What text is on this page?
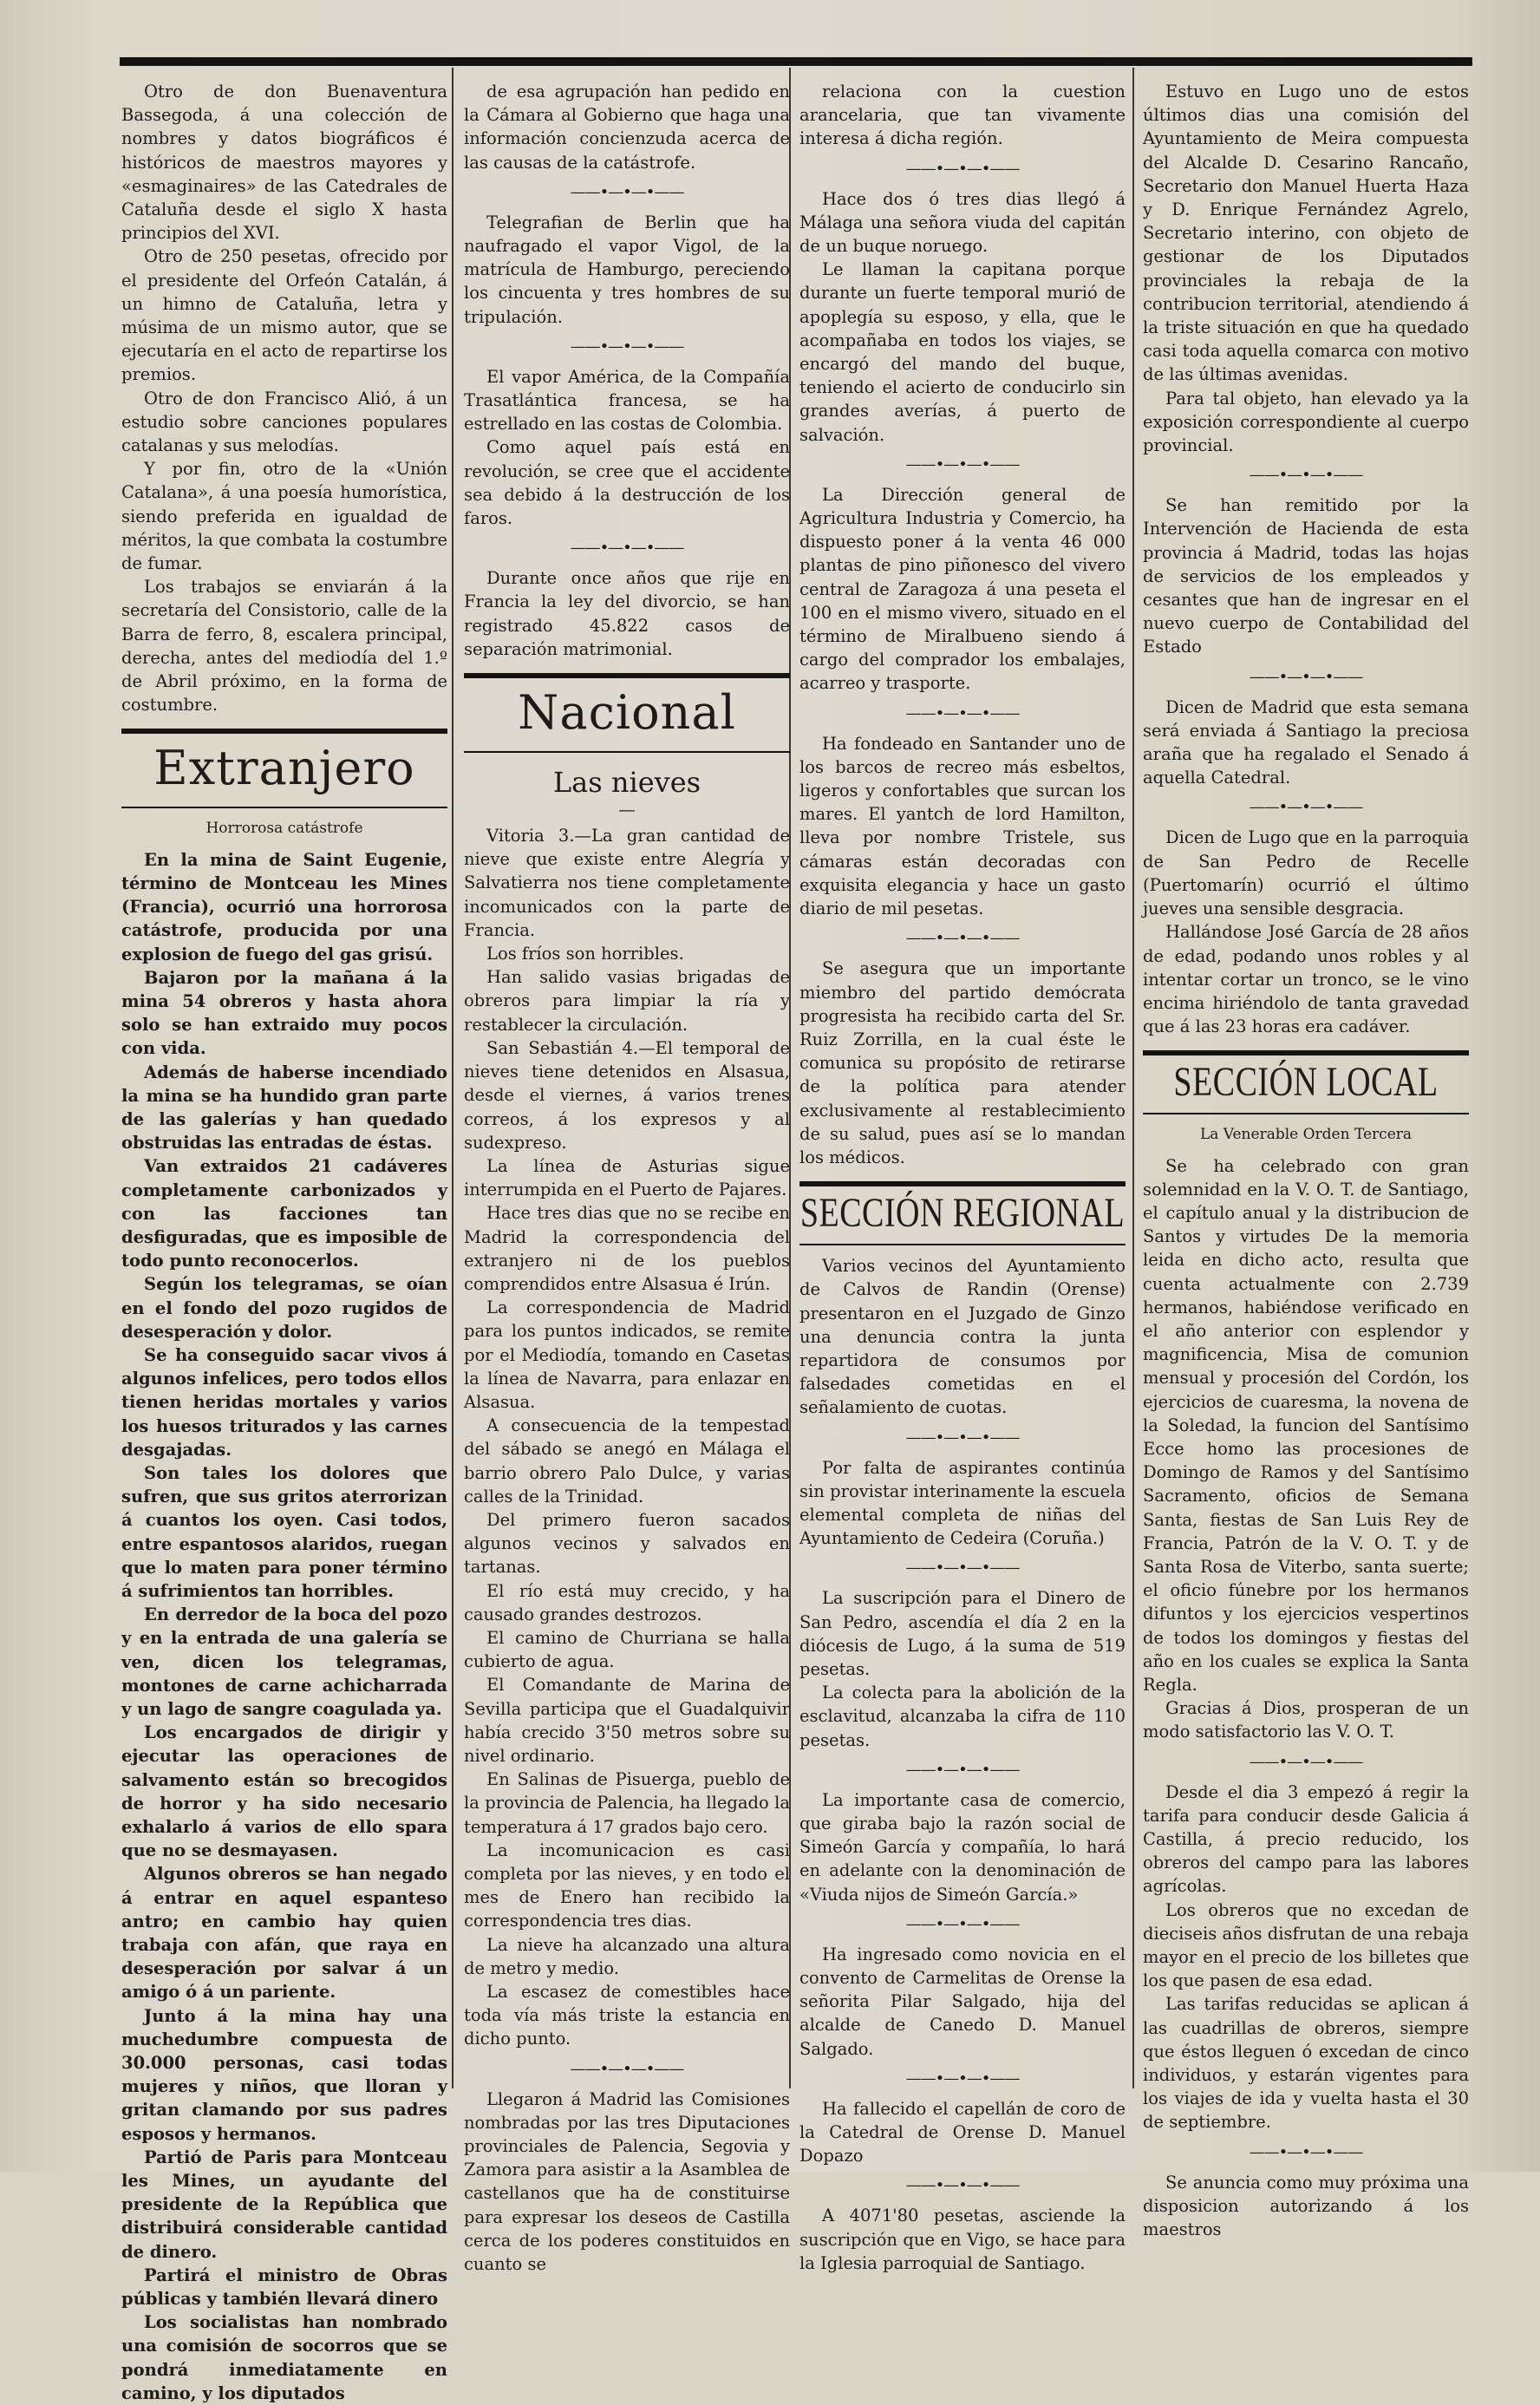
Otro de don Buenaventura Bassegoda, á una colección de nombres y datos biográficos é históricos de maestros mayores y «esmaginaires» de las Catedrales de Cataluña desde el siglo X hasta principios del XVI.

Otro de 250 pesetas, ofrecido por el presidente del Orfeón Catalán, á un himno de Cataluña, letra y músima de un mismo autor, que se ejecutaría en el acto de repartirse los premios.

Otro de don Francisco Alió, á un estudio sobre canciones populares catalanas y sus melodías.

Y por fin, otro de la «Unión Catalana», á una poesía humorística, siendo preferida en igualdad de méritos, la que combata la costumbre de fumar.

Los trabajos se enviarán á la secretaría del Consistorio, calle de la Barra de ferro, 8, escalera principal, derecha, antes del mediodía del 1.º de Abril próximo, en la forma de costumbre.

Extranjero
Horrorosa catástrofe

En la mina de Saint Eugenie, término de Montceau les Mines (Francia), ocurrió una horrorosa catástrofe, producida por una explosion de fuego del gas grisú.

Bajaron por la mañana á la mina 54 obreros y hasta ahora solo se han extraido muy pocos con vida.

Además de haberse incendiado la mina se ha hundido gran parte de las galerías y han quedado obstruidas las entradas de éstas.

Van extraidos 21 cadáveres completamente carbonizados y con las facciones tan desfiguradas, que es imposible de todo punto reconocerlos.

Según los telegramas, se oían en el fondo del pozo rugidos de desesperación y dolor.

Se ha conseguido sacar vivos á algunos infelices, pero todos ellos tienen heridas mortales y varios los huesos triturados y las carnes desgajadas.

Son tales los dolores que sufren, que sus gritos aterrorizan á cuantos los oyen. Casi todos, entre espantosos alaridos, ruegan que lo maten para poner término á sufrimientos tan horribles.

En derredor de la boca del pozo y en la entrada de una galería se ven, dicen los telegramas, montones de carne achicharrada y un lago de sangre coagulada ya.

Los encargados de dirigir y ejecutar las operaciones de salvamento están so brecogidos de horror y ha sido necesario exhalarlo á varios de ello spara que no se desmayasen.

Algunos obreros se han negado á entrar en aquel espanteso antro; en cambio hay quien trabaja con afán, que raya en desesperación por salvar á un amigo ó á un pariente.

Junto á la mina hay una muchedumbre compuesta de 30.000 personas, casi todas mujeres y niños, que lloran y gritan clamando por sus padres esposos y hermanos.

Partió de Paris para Montceau les Mines, un ayudante del presidente de la República que distribuirá considerable cantidad de dinero.

Partirá el ministro de Obras públicas y también llevará dinero

Los socialistas han nombrado una comisión de socorros que se pondrá inmediatamente en camino, y los diputados

de esa agrupación han pedido en la Cámara al Gobierno que haga una información concienzuda acerca de las causas de la catástrofe.

——•—•—•——

Telegrafian de Berlin que ha naufragado el vapor Vigol, de la matrícula de Hamburgo, pereciendo los cincuenta y tres hombres de su tripulación.

——•—•—•——

El vapor América, de la Compañía Trasatlántica francesa, se ha estrellado en las costas de Colombia.

Como aquel país está en revolución, se cree que el accidente sea debido á la destrucción de los faros.

——•—•—•——

Durante once años que rije en Francia la ley del divorcio, se han registrado 45.822 casos de separación matrimonial.

Nacional
Las nieves
—

Vitoria 3.—La gran cantidad de nieve que existe entre Alegría y Salvatierra nos tiene completamente incomunicados con la parte de Francia.

Los fríos son horribles.

Han salido vasias brigadas de obreros para limpiar la ría y restablecer la circulación.

San Sebastián 4.—El temporal de nieves tiene detenidos en Alsasua, desde el viernes, á varios trenes correos, á los expresos y al sudexpreso.

La línea de Asturias sigue interrumpida en el Puerto de Pajares.

Hace tres dias que no se recibe en Madrid la correspondencia del extranjero ni de los pueblos comprendidos entre Alsasua é Irún.

La correspondencia de Madrid para los puntos indicados, se remite por el Mediodía, tomando en Casetas la línea de Navarra, para enlazar en Alsasua.

A consecuencia de la tempestad del sábado se anegó en Málaga el barrio obrero Palo Dulce, y varias calles de la Trinidad.

Del primero fueron sacados algunos vecinos y salvados en tartanas.

El río está muy crecido, y ha causado grandes destrozos.

El camino de Churriana se halla cubierto de agua.

El Comandante de Marina de Sevilla participa que el Guadalquivir había crecido 3'50 metros sobre su nivel ordinario.

En Salinas de Pisuerga, pueblo de la provincia de Palencia, ha llegado la temperatura á 17 grados bajo cero.

La incomunicacion es casi completa por las nieves, y en todo el mes de Enero han recibido la correspondencia tres dias.

La nieve ha alcanzado una altura de metro y medio.

La escasez de comestibles hace toda vía más triste la estancia en dicho punto.

——•—•—•——

Llegaron á Madrid las Comisiones nombradas por las tres Diputaciones provinciales de Palencia, Segovia y Zamora para asistir a la Asamblea de castellanos que ha de constituirse para expresar los deseos de Castilla cerca de los poderes constituidos en cuanto se

relaciona con la cuestion arancelaria, que tan vivamente interesa á dicha región.

——•—•—•——

Hace dos ó tres dias llegó á Málaga una señora viuda del capitán de un buque noruego.

Le llaman la capitana porque durante un fuerte temporal murió de apoplegía su esposo, y ella, que le acompañaba en todos los viajes, se encargó del mando del buque, teniendo el acierto de conducirlo sin grandes averías, á puerto de salvación.

——•—•—•——

La Dirección general de Agricultura Industria y Comercio, ha dispuesto poner á la venta 46 000 plantas de pino piñonesco del vivero central de Zaragoza á una peseta el 100 en el mismo vivero, situado en el término de Miralbueno siendo á cargo del comprador los embalajes, acarreo y trasporte.

——•—•—•——

Ha fondeado en Santander uno de los barcos de recreo más esbeltos, ligeros y confortables que surcan los mares. El yantch de lord Hamilton, lleva por nombre Tristele, sus cámaras están decoradas con exquisita elegancia y hace un gasto diario de mil pesetas.

——•—•—•——

Se asegura que un importante miembro del partido demócrata progresista ha recibido carta del Sr. Ruiz Zorrilla, en la cual éste le comunica su propósito de retirarse de la política para atender exclusivamente al restablecimiento de su salud, pues así se lo mandan los médicos.

SECCIÓN REGIONAL

Varios vecinos del Ayuntamiento de Calvos de Randin (Orense) presentaron en el Juzgado de Ginzo una denuncia contra la junta repartidora de consumos por falsedades cometidas en el señalamiento de cuotas.

——•—•—•——

Por falta de aspirantes continúa sin provistar interinamente la escuela elemental completa de niñas del Ayuntamiento de Cedeira (Coruña.)

——•—•—•——

La suscripción para el Dinero de San Pedro, ascendía el día 2 en la diócesis de Lugo, á la suma de 519 pesetas.

La colecta para la abolición de la esclavitud, alcanzaba la cifra de 110 pesetas.

——•—•—•——

La importante casa de comercio, que giraba bajo la razón social de Simeón García y compañía, lo hará en adelante con la denominación de «Viuda nijos de Simeón García.»

——•—•—•——

Ha ingresado como novicia en el convento de Carmelitas de Orense la señorita Pilar Salgado, hija del alcalde de Canedo D. Manuel Salgado.

——•—•—•——

Ha fallecido el capellán de coro de la Catedral de Orense D. Manuel Dopazo

——•—•—•——

A 4071'80 pesetas, asciende la suscripción que en Vigo, se hace para la Iglesia parroquial de Santiago.

Estuvo en Lugo uno de estos últimos dias una comisión del Ayuntamiento de Meira compuesta del Alcalde D. Cesarino Rancaño, Secretario don Manuel Huerta Haza y D. Enrique Fernández Agrelo, Secretario interino, con objeto de gestionar de los Diputados provinciales la rebaja de la contribucion territorial, atendiendo á la triste situación en que ha quedado casi toda aquella comarca con motivo de las últimas avenidas.

Para tal objeto, han elevado ya la exposición correspondiente al cuerpo provincial.

——•—•—•——

Se han remitido por la Intervención de Hacienda de esta provincia á Madrid, todas las hojas de servicios de los empleados y cesantes que han de ingresar en el nuevo cuerpo de Contabilidad del Estado

——•—•—•——

Dicen de Madrid que esta semana será enviada á Santiago la preciosa araña que ha regalado el Senado á aquella Catedral.

——•—•—•——

Dicen de Lugo que en la parroquia de San Pedro de Recelle (Puertomarín) ocurrió el último jueves una sensible desgracia.

Hallándose José García de 28 años de edad, podando unos robles y al intentar cortar un tronco, se le vino encima hiriéndolo de tanta gravedad que á las 23 horas era cadáver.

SECCIÓN LOCAL
La Venerable Orden Tercera

Se ha celebrado con gran solemnidad en la V. O. T. de Santiago, el capítulo anual y la distribucion de Santos y virtudes De la memoria leida en dicho acto, resulta que cuenta actualmente con 2.739 hermanos, habiéndose verificado en el año anterior con esplendor y magnificencia, Misa de comunion mensual y procesión del Cordón, los ejercicios de cuaresma, la novena de la Soledad, la funcion del Santísimo Ecce homo las procesiones de Domingo de Ramos y del Santísimo Sacramento, oficios de Semana Santa, fiestas de San Luis Rey de Francia, Patrón de la V. O. T. y de Santa Rosa de Viterbo, santa suerte; el oficio fúnebre por los hermanos difuntos y los ejercicios vespertinos de todos los domingos y fiestas del año en los cuales se explica la Santa Regla.

Gracias á Dios, prosperan de un modo satisfactorio las V. O. T.

——•—•—•——

Desde el dia 3 empezó á regir la tarifa para conducir desde Galicia á Castilla, á precio reducido, los obreros del campo para las labores agrícolas.

Los obreros que no excedan de dieciseis años disfrutan de una rebaja mayor en el precio de los billetes que los que pasen de esa edad.

Las tarifas reducidas se aplican á las cuadrillas de obreros, siempre que éstos lleguen ó excedan de cinco individuos, y estarán vigentes para los viajes de ida y vuelta hasta el 30 de septiembre.

——•—•—•——

Se anuncia como muy próxima una disposicion autorizando á los maestros
